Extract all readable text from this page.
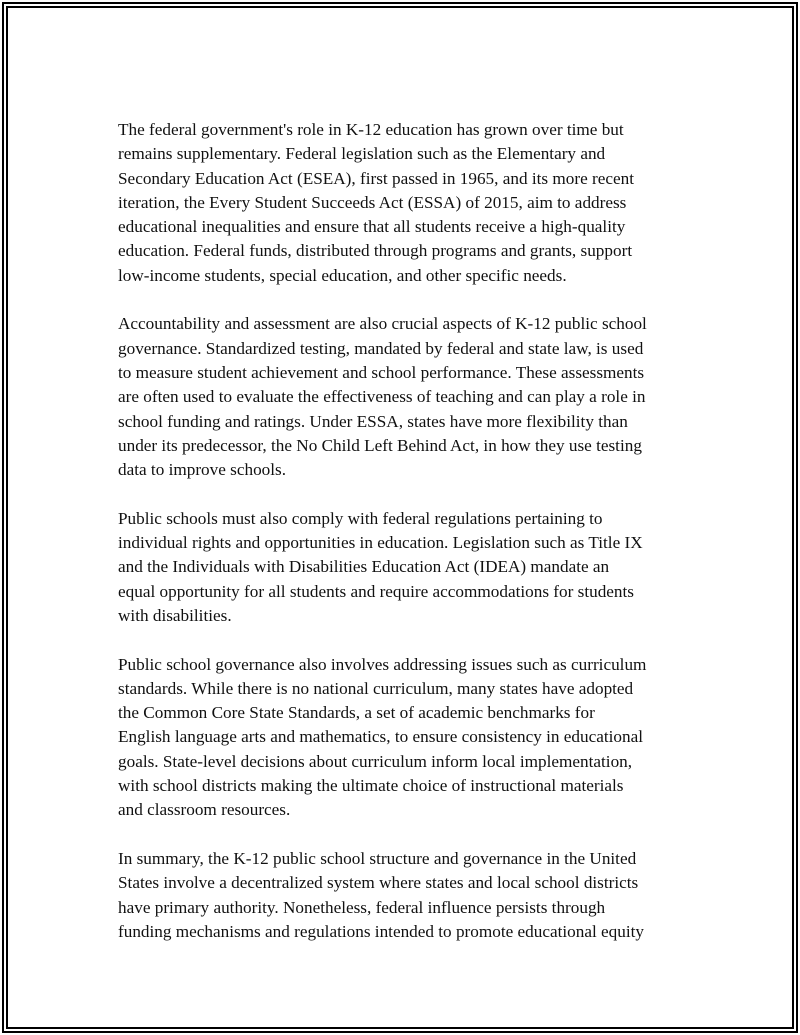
The federal government's role in K-12 education has grown over time but
remains supplementary. Federal legislation such as the Elementary and
Secondary Education Act (ESEA), first passed in 1965, and its more recent
iteration, the Every Student Succeeds Act (ESSA) of 2015, aim to address
educational inequalities and ensure that all students receive a high-quality
education. Federal funds, distributed through programs and grants, support
low-income students, special education, and other specific needs.

Accountability and assessment are also crucial aspects of K-12 public school
governance. Standardized testing, mandated by federal and state law, is used
to measure student achievement and school performance. These assessments
are often used to evaluate the effectiveness of teaching and can play a role in
school funding and ratings. Under ESSA, states have more flexibility than
under its predecessor, the No Child Left Behind Act, in how they use testing
data to improve schools.

Public schools must also comply with federal regulations pertaining to
individual rights and opportunities in education. Legislation such as Title IX
and the Individuals with Disabilities Education Act (IDEA) mandate an
equal opportunity for all students and require accommodations for students
with disabilities.

Public school governance also involves addressing issues such as curriculum
standards. While there is no national curriculum, many states have adopted
the Common Core State Standards, a set of academic benchmarks for
English language arts and mathematics, to ensure consistency in educational
goals. State-level decisions about curriculum inform local implementation,
with school districts making the ultimate choice of instructional materials
and classroom resources.

In summary, the K-12 public school structure and governance in the United
States involve a decentralized system where states and local school districts
have primary authority. Nonetheless, federal influence persists through
funding mechanisms and regulations intended to promote educational equity
